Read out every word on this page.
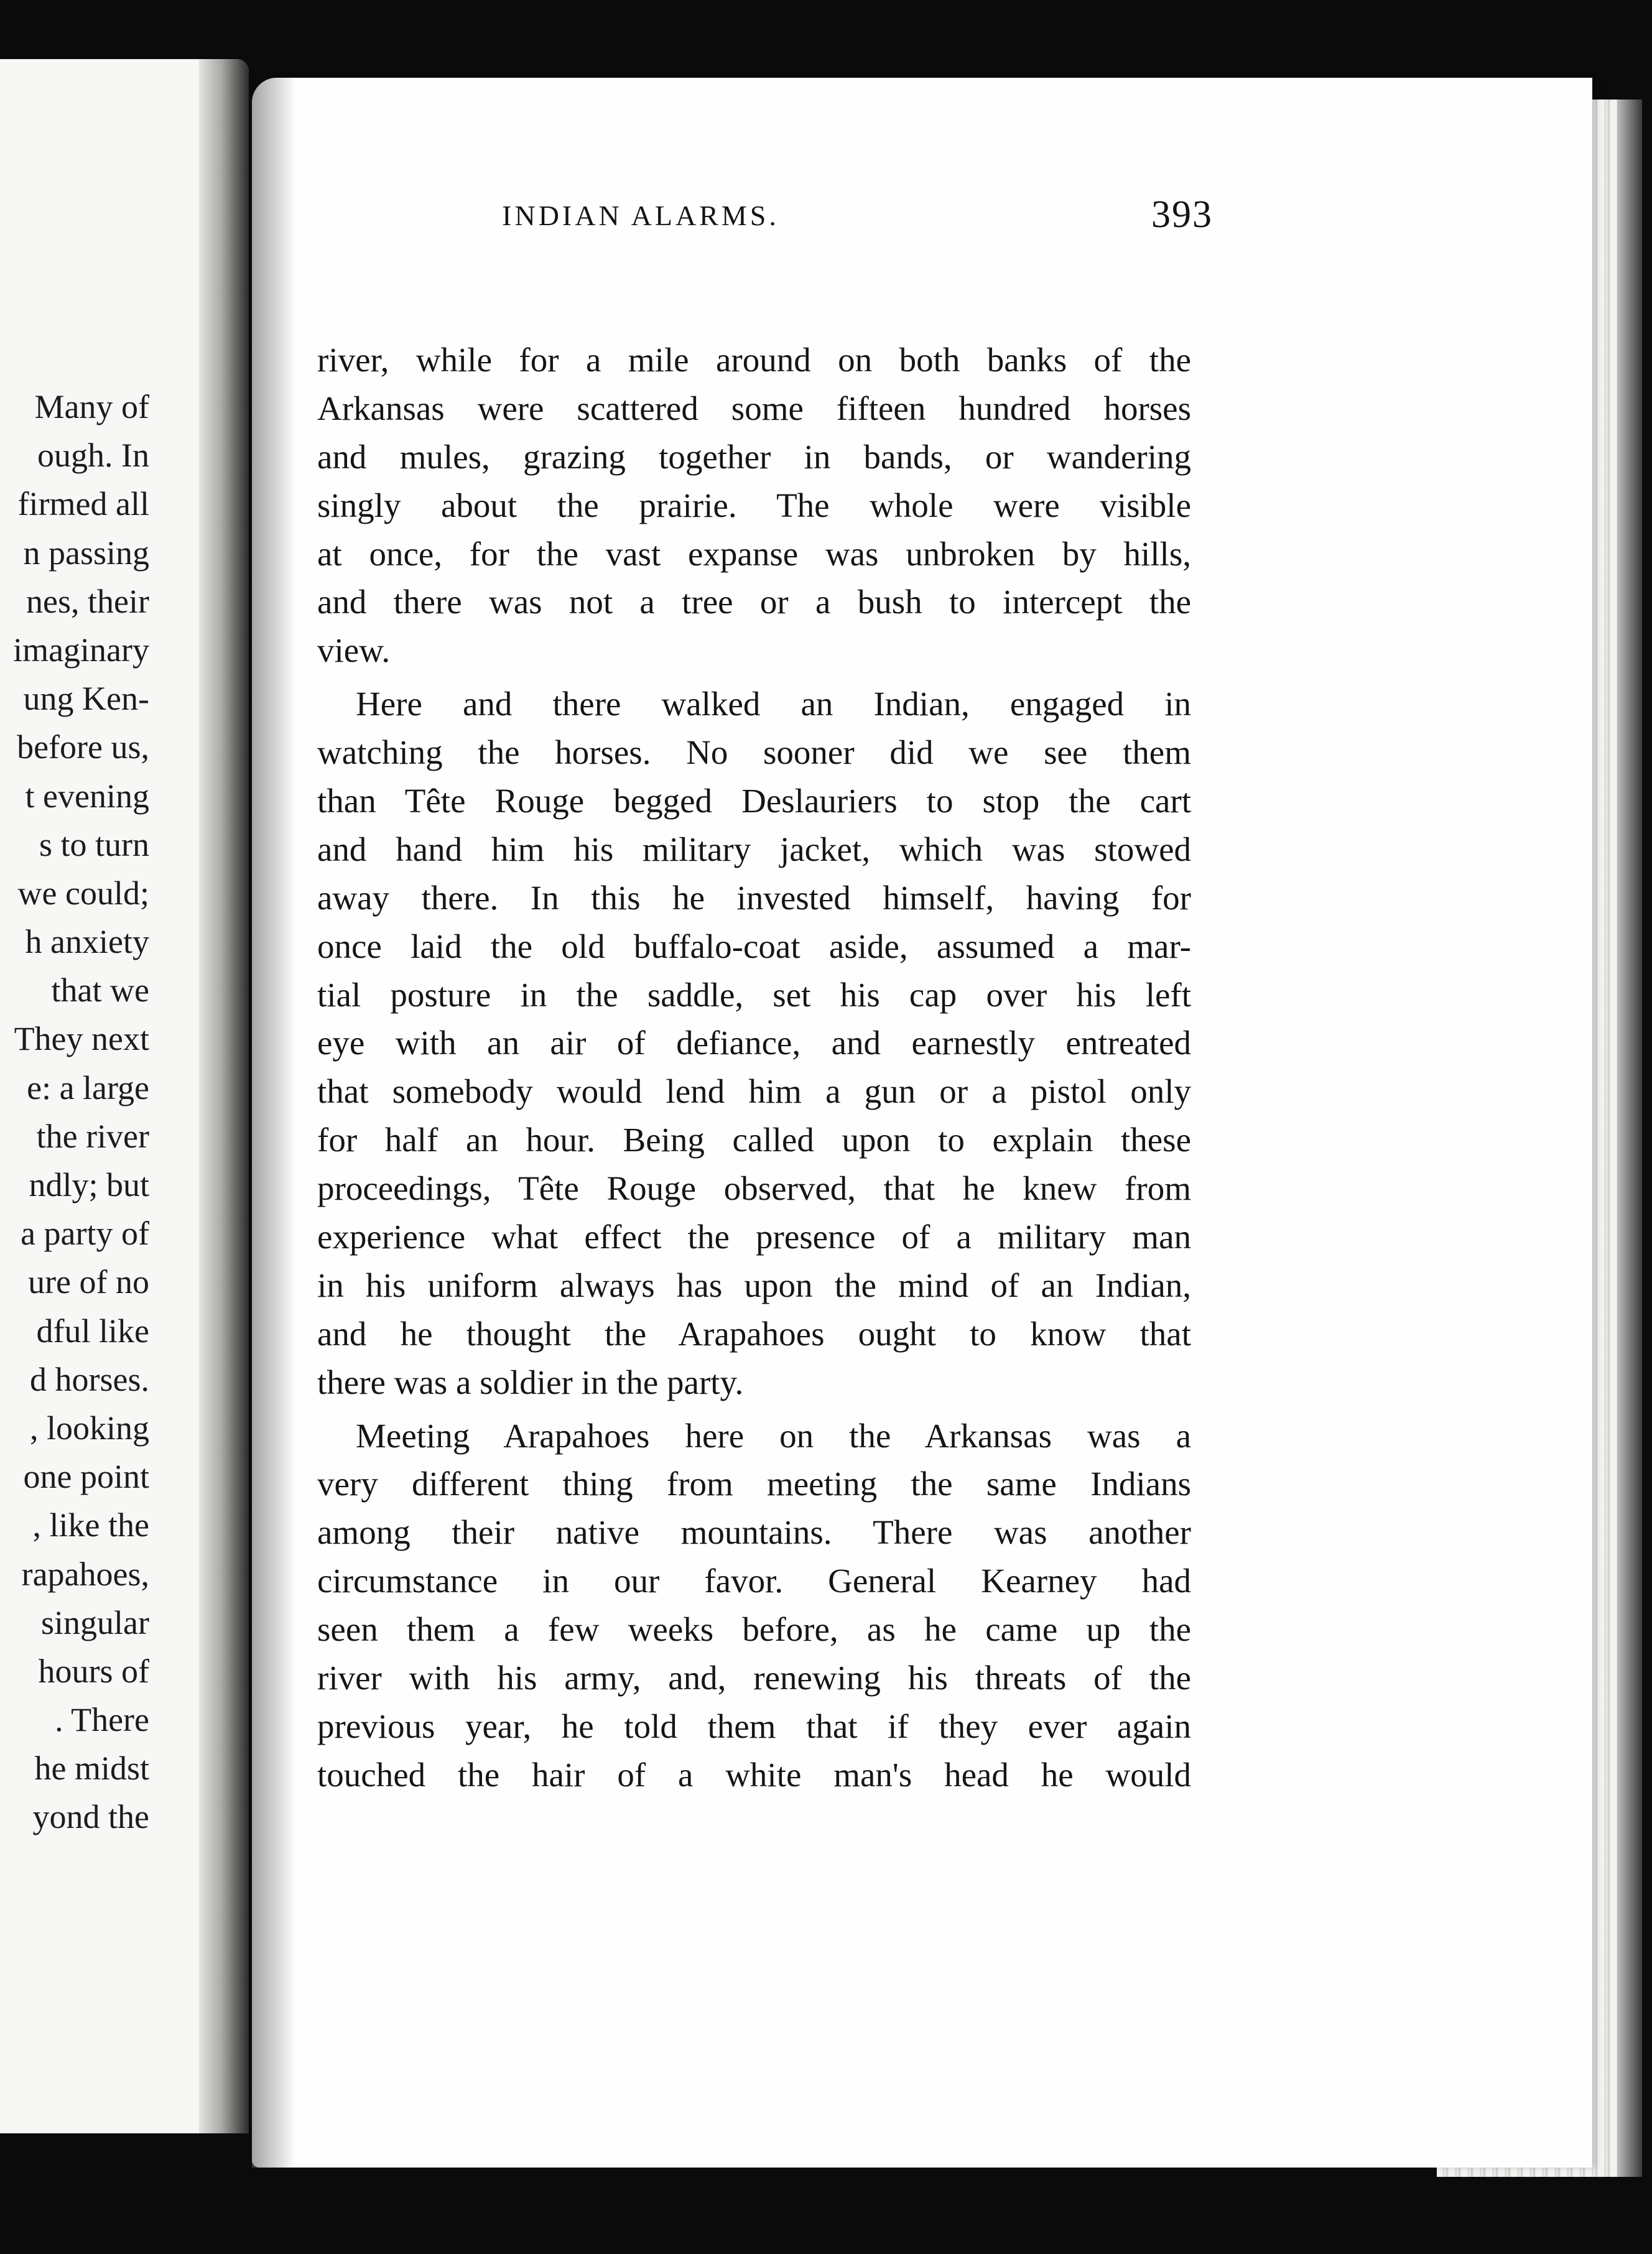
Many of
ough. In
firmed all
n passing
nes, their
imaginary
ung Ken-
before us,
t evening
s to turn
we could;
h anxiety
that we
They next
e: a large
the river
ndly; but
a party of
ure of no
dful like
d horses.
, looking
one point
, like the
rapahoes,
singular
hours of
. There
he midst
yond the
INDIAN ALARMS.	393
river, while for a mile around on both banks of the
Arkansas were scattered some fifteen hundred horses
and mules, grazing together in bands, or wandering
singly about the prairie. The whole were visible
at once, for the vast expanse was unbroken by hills,
and there was not a tree or a bush to intercept the
view.
Here and there walked an Indian, engaged in
watching the horses. No sooner did we see them
than Tête Rouge begged Deslauriers to stop the cart
and hand him his military jacket, which was stowed
away there. In this he invested himself, having for
once laid the old buffalo-coat aside, assumed a mar-
tial posture in the saddle, set his cap over his left
eye with an air of defiance, and earnestly entreated
that somebody would lend him a gun or a pistol only
for half an hour. Being called upon to explain these
proceedings, Tête Rouge observed, that he knew from
experience what effect the presence of a military man
in his uniform always has upon the mind of an Indian,
and he thought the Arapahoes ought to know that
there was a soldier in the party.
Meeting Arapahoes here on the Arkansas was a
very different thing from meeting the same Indians
among their native mountains. There was another
circumstance in our favor. General Kearney had
seen them a few weeks before, as he came up the
river with his army, and, renewing his threats of the
previous year, he told them that if they ever again
touched the hair of a white man's head he would
